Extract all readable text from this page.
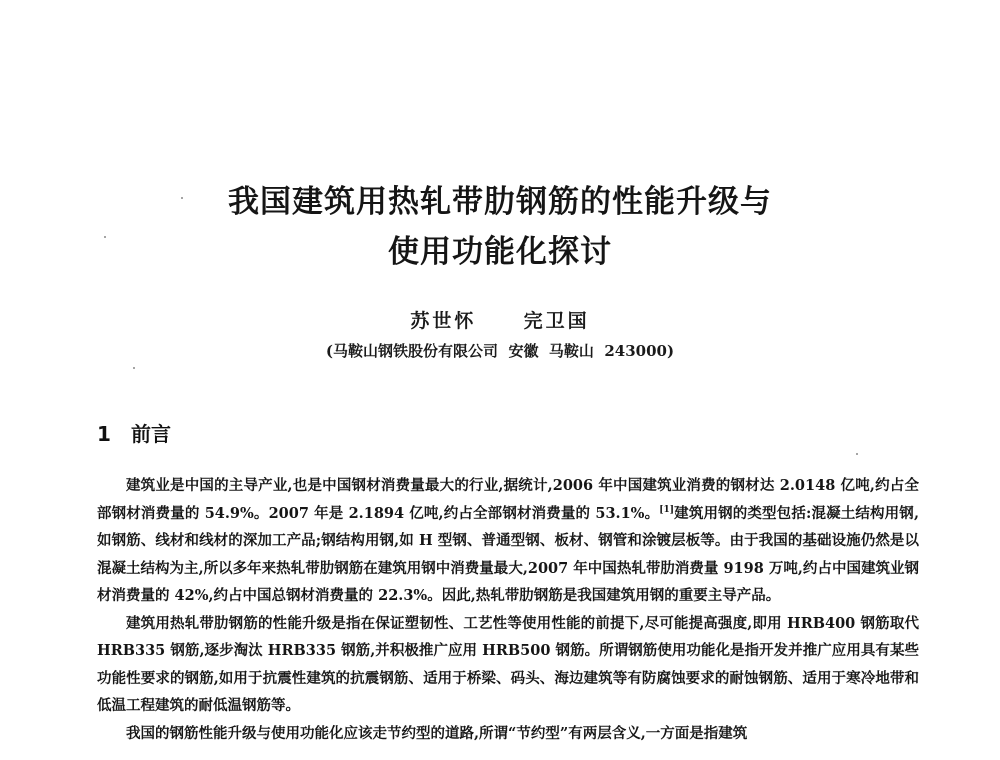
我国建筑用热轧带肋钢筋的性能升级与
使用功能化探讨
苏世怀  完卫国
(马鞍山钢铁股份有限公司  安徽  马鞍山  243000)
1 前言

建筑业是中国的主导产业,也是中国钢材消费量最大的行业,据统计,2006 年中国建筑业消费的钢材达 2.0148 亿吨,约占全部钢材消费量的 54.9%。2007 年是 2.1894 亿吨,约占全部钢材消费量的 53.1%。[1]建筑用钢的类型包括:混凝土结构用钢,如钢筋、线材和线材的深加工产品;钢结构用钢,如 H 型钢、普通型钢、板材、钢管和涂镀层板等。由于我国的基础设施仍然是以混凝土结构为主,所以多年来热轧带肋钢筋在建筑用钢中消费量最大,2007 年中国热轧带肋消费量 9198 万吨,约占中国建筑业钢材消费量的 42%,约占中国总钢材消费量的 22.3%。因此,热轧带肋钢筋是我国建筑用钢的重要主导产品。

建筑用热轧带肋钢筋的性能升级是指在保证塑韧性、工艺性等使用性能的前提下,尽可能提高强度,即用 HRB400 钢筋取代 HRB335 钢筋,逐步淘汰 HRB335 钢筋,并积极推广应用 HRB500 钢筋。所谓钢筋使用功能化是指开发并推广应用具有某些功能性要求的钢筋,如用于抗震性建筑的抗震钢筋、适用于桥梁、码头、海边建筑等有防腐蚀要求的耐蚀钢筋、适用于寒冷地带和低温工程建筑的耐低温钢筋等。

我国的钢筋性能升级与使用功能化应该走节约型的道路,所谓“节约型”有两层含义,一方面是指建筑
